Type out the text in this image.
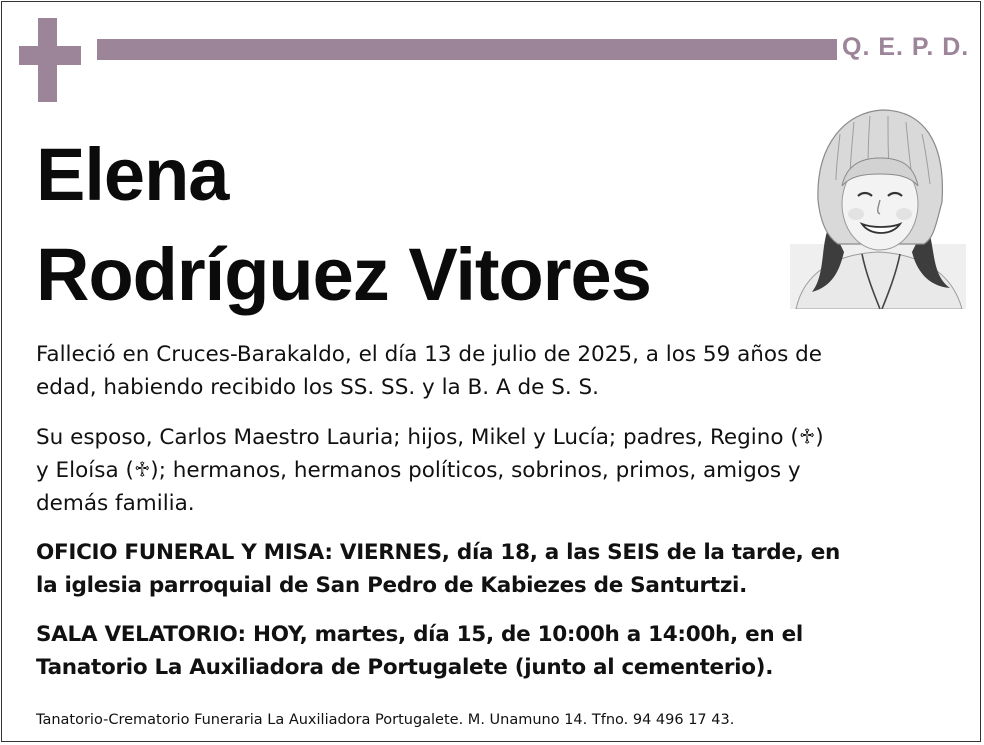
Q. E. P. D.
Elena
Rodríguez Vitores
Falleció en Cruces-Barakaldo, el día 13 de julio de 2025, a los 59 años de
edad, habiendo recibido los SS. SS. y la B. A de S. S.
Su esposo, Carlos Maestro Lauria; hijos, Mikel y Lucía; padres, Regino (♱)
y Eloísa (♱); hermanos, hermanos políticos, sobrinos, primos, amigos y
demás familia.
OFICIO FUNERAL Y MISA: VIERNES, día 18, a las SEIS de la tarde, en
la iglesia parroquial de San Pedro de Kabiezes de Santurtzi.
SALA VELATORIO: HOY, martes, día 15, de 10:00h a 14:00h, en el
Tanatorio La Auxiliadora de Portugalete (junto al cementerio).
Tanatorio-Crematorio Funeraria La Auxiliadora Portugalete. M. Unamuno 14. Tfno. 94 496 17 43.
